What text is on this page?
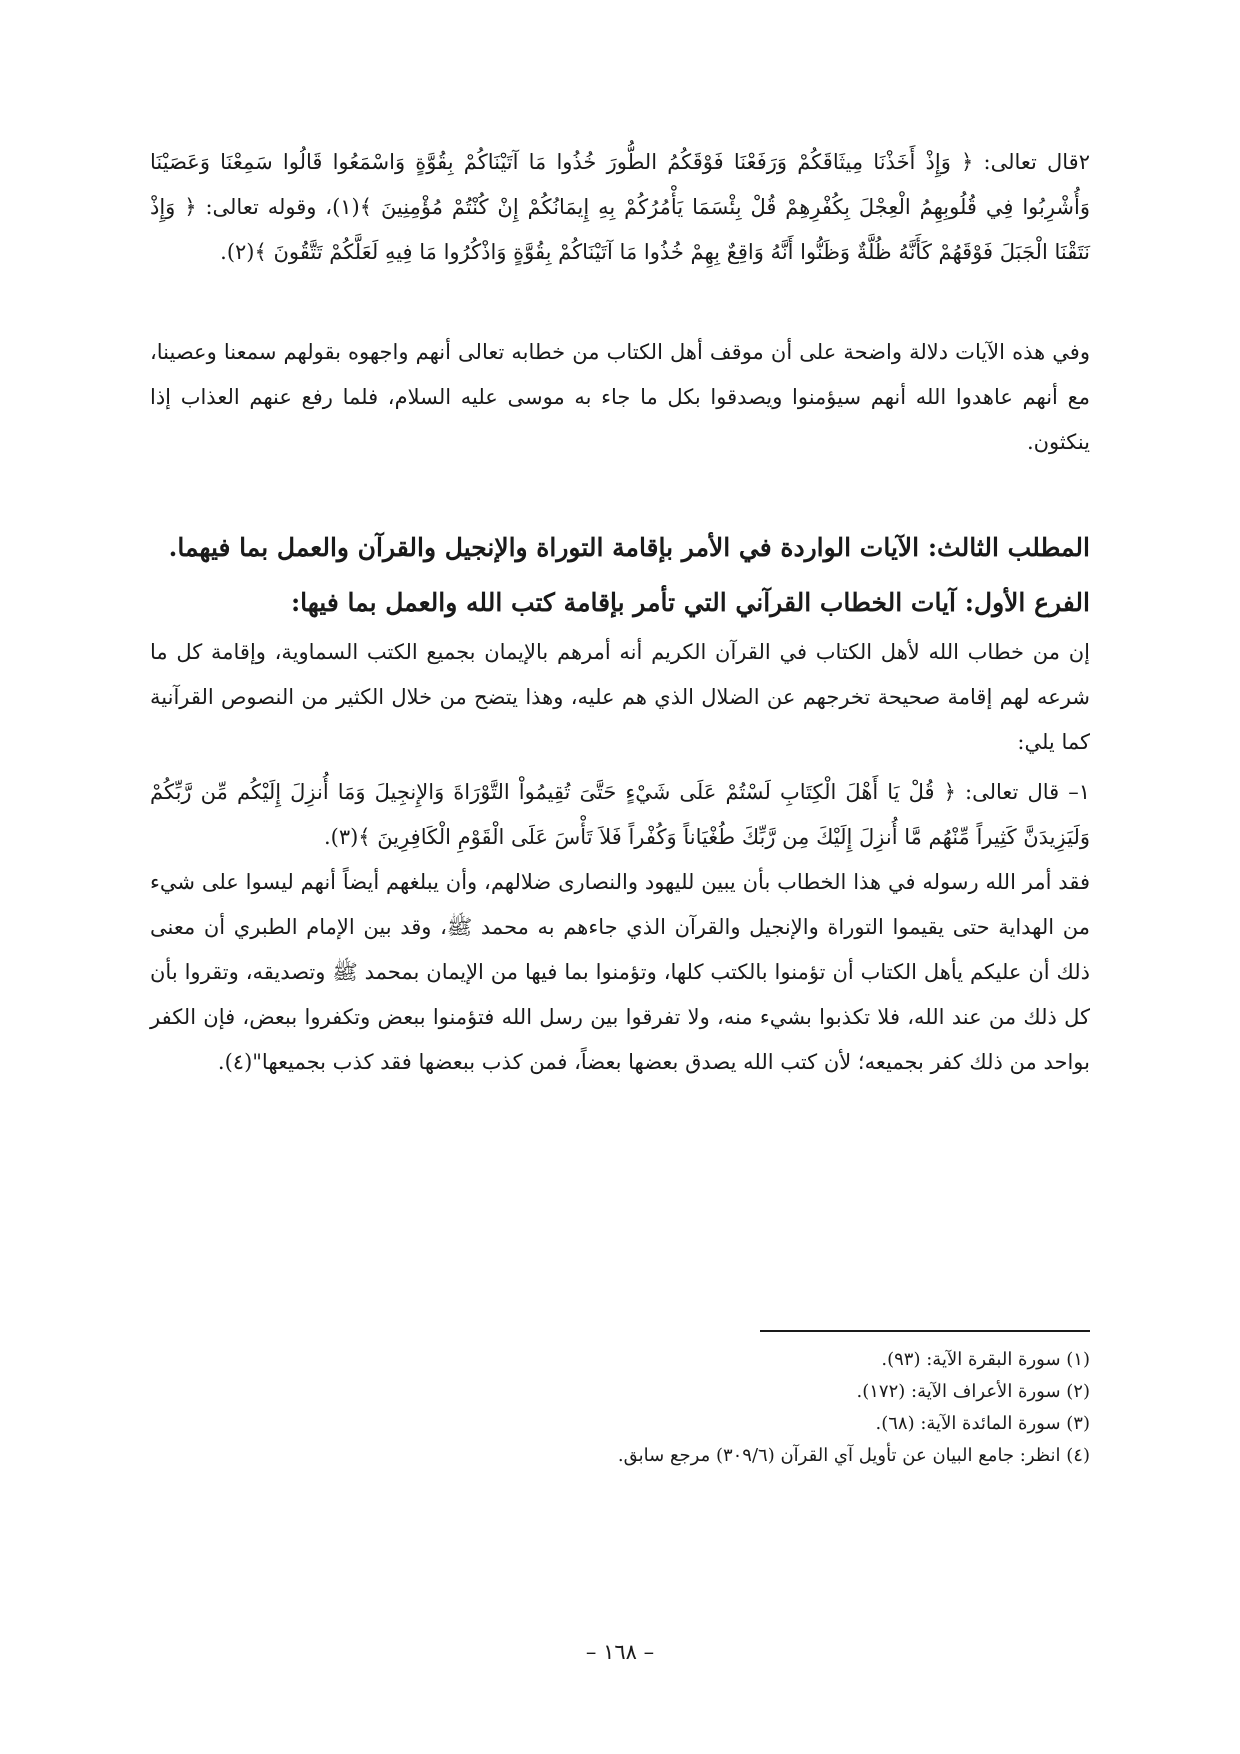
٢قال تعالى: ﴿ وَإِذْ أَخَذْنَا مِيثَاقَكُمْ وَرَفَعْنَا فَوْقَكُمُ الطُّورَ خُذُوا مَا آتَيْنَاكُمْ بِقُوَّةٍ وَاسْمَعُوا قَالُوا سَمِعْنَا وَعَصَيْنَا وَأُشْرِبُوا فِي قُلُوبِهِمُ الْعِجْلَ بِكُفْرِهِمْ قُلْ بِئْسَمَا يَأْمُرُكُمْ بِهِ إِيمَانُكُمْ إِنْ كُنْتُمْ مُؤْمِنِينَ ﴾(١)، وقوله تعالى: ﴿ وَإِذْ نَتَقْنَا الْجَبَلَ فَوْقَهُمْ كَأَنَّهُ ظُلَّةٌ وَظَنُّوا أَنَّهُ وَاقِعٌ بِهِمْ خُذُوا مَا آتَيْنَاكُمْ بِقُوَّةٍ وَاذْكُرُوا مَا فِيهِ لَعَلَّكُمْ تَتَّقُونَ ﴾(٢).

وفي هذه الآيات دلالة واضحة على أن موقف أهل الكتاب من خطابه تعالى أنهم واجهوه بقولهم سمعنا وعصينا، مع أنهم عاهدوا الله أنهم سيؤمنوا ويصدقوا بكل ما جاء به موسى عليه السلام، فلما رفع عنهم العذاب إذا ينكثون.

المطلب الثالث: الآيات الواردة في الأمر بإقامة التوراة والإنجيل والقرآن والعمل بما فيهما.
الفرع الأول: آيات الخطاب القرآني التي تأمر بإقامة كتب الله والعمل بما فيها:

إن من خطاب الله لأهل الكتاب في القرآن الكريم أنه أمرهم بالإيمان بجميع الكتب السماوية، وإقامة كل ما شرعه لهم إقامة صحيحة تخرجهم عن الضلال الذي هم عليه، وهذا يتضح من خلال الكثير من النصوص القرآنية كما يلي:

١– قال تعالى: ﴿ قُلْ يَا أَهْلَ الْكِتَابِ لَسْتُمْ عَلَى شَيْءٍ حَتَّىَ تُقِيمُواْ التَّوْرَاةَ وَالإِنجِيلَ وَمَا أُنزِلَ إِلَيْكُم مِّن رَّبِّكُمْ وَلَيَزِيدَنَّ كَثِيراً مِّنْهُم مَّا أُنزِلَ إِلَيْكَ مِن رَّبِّكَ طُغْيَاناً وَكُفْراً فَلاَ تَأْسَ عَلَى الْقَوْمِ الْكَافِرِينَ ﴾(٣).

فقد أمر الله رسوله في هذا الخطاب بأن يبين لليهود والنصارى ضلالهم، وأن يبلغهم أيضاً أنهم ليسوا على شيء من الهداية حتى يقيموا التوراة والإنجيل والقرآن الذي جاءهم به محمد ﷺ، وقد بين الإمام الطبري أن معنى ذلك أن عليكم يأهل الكتاب أن تؤمنوا بالكتب كلها، وتؤمنوا بما فيها من الإيمان بمحمد ﷺ وتصديقه، وتقروا بأن كل ذلك من عند الله، فلا تكذبوا بشيء منه، ولا تفرقوا بين رسل الله فتؤمنوا ببعض وتكفروا ببعض، فإن الكفر بواحد من ذلك كفر بجميعه؛ لأن كتب الله يصدق بعضها بعضاً، فمن كذب ببعضها فقد كذب بجميعها"(٤).

(١) سورة البقرة الآية: (٩٣).

(٢) سورة الأعراف الآية: (١٧٢).

(٣) سورة المائدة الآية: (٦٨).

(٤) انظر: جامع البيان عن تأويل آي القرآن (٣٠٩/٦) مرجع سابق.

– ١٦٨ –
